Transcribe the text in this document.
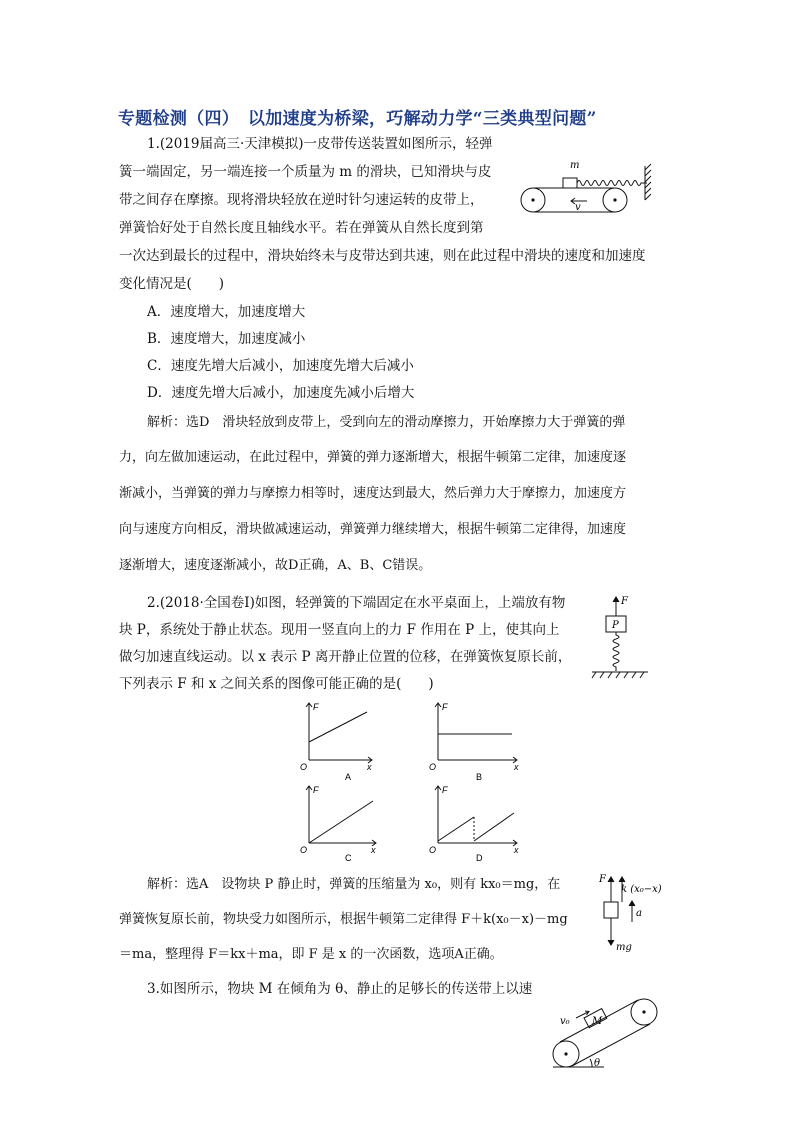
专题检测（四）　以加速度为桥梁，巧解动力学“三类典型问题”
1.(2019届高三·天津模拟)一皮带传送装置如图所示，轻弹
簧一端固定，另一端连接一个质量为 m 的滑块，已知滑块与皮
带之间存在摩擦。现将滑块轻放在逆时针匀速运转的皮带上，
弹簧恰好处于自然长度且轴线水平。若在弹簧从自然长度到第
一次达到最长的过程中，滑块始终未与皮带达到共速，则在此过程中滑块的速度和加速度
变化情况是(　　)
A．速度增大，加速度增大
B．速度增大，加速度减小
C．速度先增大后减小，加速度先增大后减小
D．速度先增大后减小，加速度先减小后增大
解析：选D　滑块轻放到皮带上，受到向左的滑动摩擦力，开始摩擦力大于弹簧的弹
力，向左做加速运动，在此过程中，弹簧的弹力逐渐增大，根据牛顿第二定律，加速度逐
渐减小，当弹簧的弹力与摩擦力相等时，速度达到最大，然后弹力大于摩擦力，加速度方
向与速度方向相反，滑块做减速运动，弹簧弹力继续增大，根据牛顿第二定律得，加速度
逐渐增大，速度逐渐减小，故D正确，A、B、C错误。
m
v
2.(2018·全国卷Ⅰ)如图，轻弹簧的下端固定在水平桌面上，上端放有物
块 P，系统处于静止状态。现用一竖直向上的力 F 作用在 P 上，使其向上
做匀加速直线运动。以 x 表示 P 离开静止位置的位移，在弹簧恢复原长前，
下列表示 F 和 x 之间关系的图像可能正确的是(　　)
F
P
F
x
O
A
F
x
O
B
F
x
O
C
F
x
O
D
解析：选A　设物块 P 静止时，弹簧的压缩量为 x₀，则有 kx₀＝mg，在
弹簧恢复原长前，物块受力如图所示，根据牛顿第二定律得 F＋k(x₀－x)－mg
＝ma，整理得 F＝kx＋ma，即 F 是 x 的一次函数，选项A正确。
F
k (x₀−x)
a
mg
3.如图所示，物块 M 在倾角为 θ、静止的足够长的传送带上以速
v₀ M
θ
